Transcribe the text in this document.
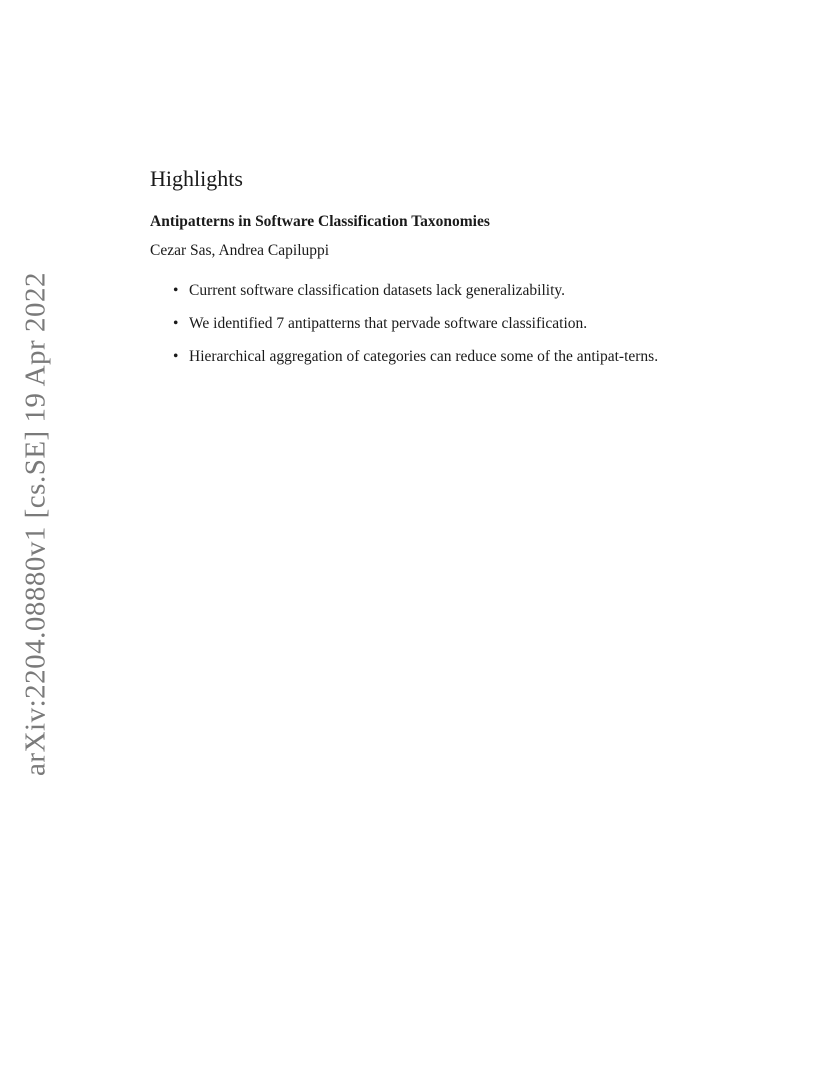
arXiv:2204.08880v1 [cs.SE] 19 Apr 2022
Highlights
Antipatterns in Software Classification Taxonomies
Cezar Sas, Andrea Capiluppi
• Current software classification datasets lack generalizability.
• We identified 7 antipatterns that pervade software classification.
• Hierarchical aggregation of categories can reduce some of the antipat-terns.
